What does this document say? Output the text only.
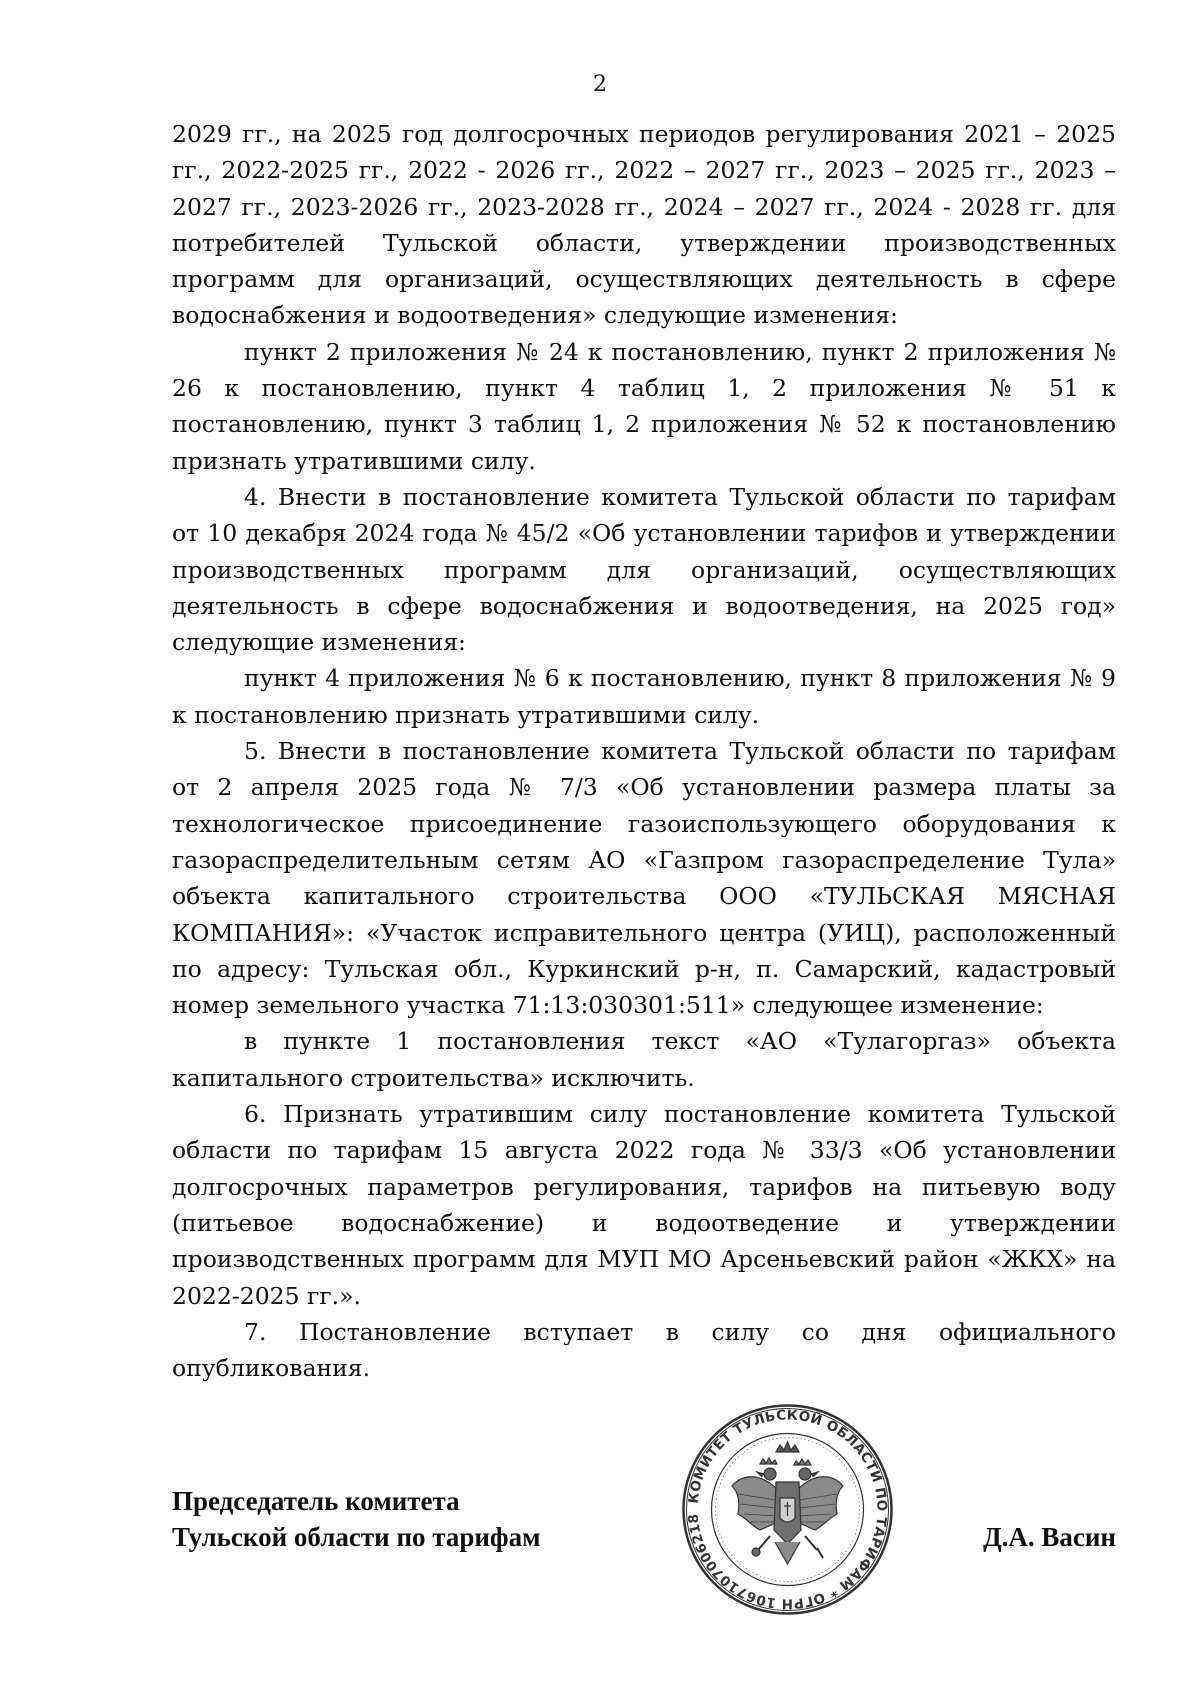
2

2029 гг., на 2025 год долгосрочных периодов регулирования 2021 – 2025 гг., 2022-2025 гг., 2022 - 2026 гг., 2022 – 2027 гг., 2023 – 2025 гг., 2023 – 2027 гг., 2023-2026 гг., 2023-2028 гг., 2024 – 2027 гг., 2024 - 2028 гг. для потребителей Тульской области, утверждении производственных программ для организаций, осуществляющих деятельность в сфере водоснабжения и водоотведения» следующие изменения:

пункт 2 приложения № 24 к постановлению, пункт 2 приложения № 26 к постановлению, пункт 4 таблиц 1, 2 приложения № 51 к постановлению, пункт 3 таблиц 1, 2 приложения № 52 к постановлению признать утратившими силу.

4. Внести в постановление комитета Тульской области по тарифам от 10 декабря 2024 года № 45/2 «Об установлении тарифов и утверждении производственных программ для организаций, осуществляющих деятельность в сфере водоснабжения и водоотведения, на 2025 год» следующие изменения:

пункт 4 приложения № 6 к постановлению, пункт 8 приложения № 9 к постановлению признать утратившими силу.

5. Внести в постановление комитета Тульской области по тарифам от 2 апреля 2025 года № 7/3 «Об установлении размера платы за технологическое присоединение газоиспользующего оборудования к газораспределительным сетям АО «Газпром газораспределение Тула» объекта капитального строительства ООО «ТУЛЬСКАЯ МЯСНАЯ КОМПАНИЯ»: «Участок исправительного центра (УИЦ), расположенный по адресу: Тульская обл., Куркинский р-н, п. Самарский, кадастровый номер земельного участка 71:13:030301:511» следующее изменение:

в пункте 1 постановления текст «АО «Тулагоргаз» объекта капитального строительства» исключить.

6. Признать утратившим силу постановление комитета Тульской области по тарифам 15 августа 2022 года № 33/3 «Об установлении долгосрочных параметров регулирования, тарифов на питьевую воду (питьевое водоснабжение) и водоотведение и утверждении производственных программ для МУП МО Арсеньевский район «ЖКХ» на 2022-2025 гг.».

7. Постановление вступает в силу со дня официального опубликования.

КОМИТЕТ ТУЛЬСКОЙ ОБЛАСТИ ПО ТАРИФАМ * ОГРН 1067107006218
Председатель комитета
Тульской области по тарифам	Д.А. Васин
